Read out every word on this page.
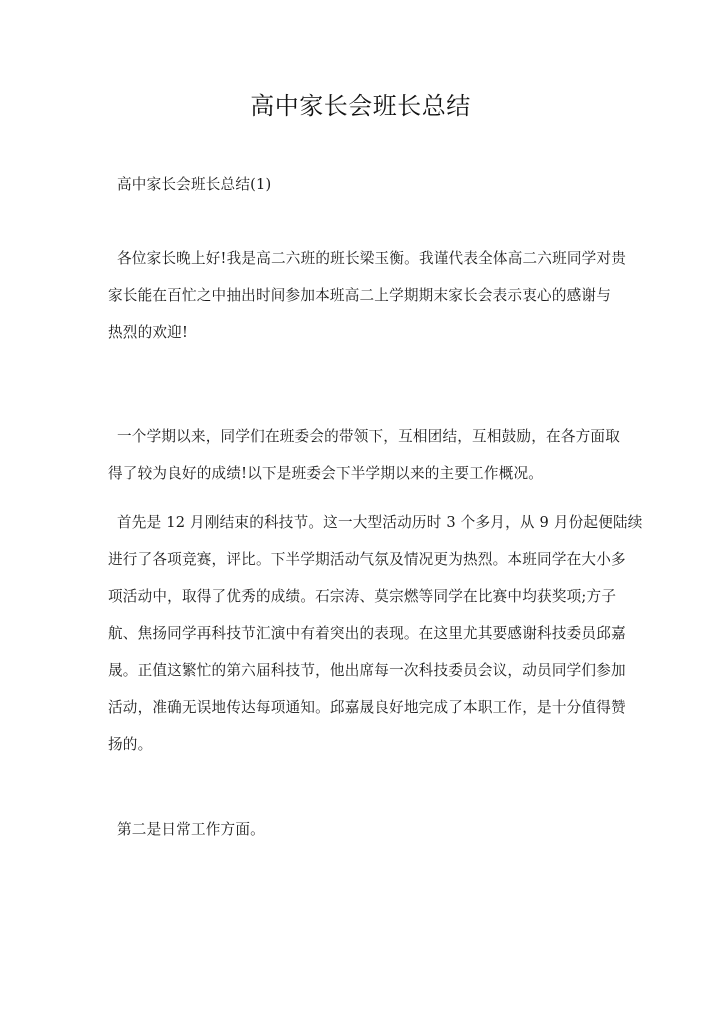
高中家长会班长总结
高中家长会班长总结(1)
各位家长晚上好!我是高二六班的班长梁玉衡。我谨代表全体高二六班同学对贵
家长能在百忙之中抽出时间参加本班高二上学期期末家长会表示衷心的感谢与
热烈的欢迎!
一个学期以来，同学们在班委会的带领下，互相团结，互相鼓励，在各方面取
得了较为良好的成绩!以下是班委会下半学期以来的主要工作概况。
首先是 12 月刚结束的科技节。这一大型活动历时 3 个多月，从 9 月份起便陆续
进行了各项竞赛，评比。下半学期活动气氛及情况更为热烈。本班同学在大小多
项活动中，取得了优秀的成绩。石宗涛、莫宗燃等同学在比赛中均获奖项;方子
航、焦扬同学再科技节汇演中有着突出的表现。在这里尤其要感谢科技委员邱嘉
晟。正值这繁忙的第六届科技节，他出席每一次科技委员会议，动员同学们参加
活动，准确无误地传达每项通知。邱嘉晟良好地完成了本职工作，是十分值得赞
扬的。
第二是日常工作方面。
